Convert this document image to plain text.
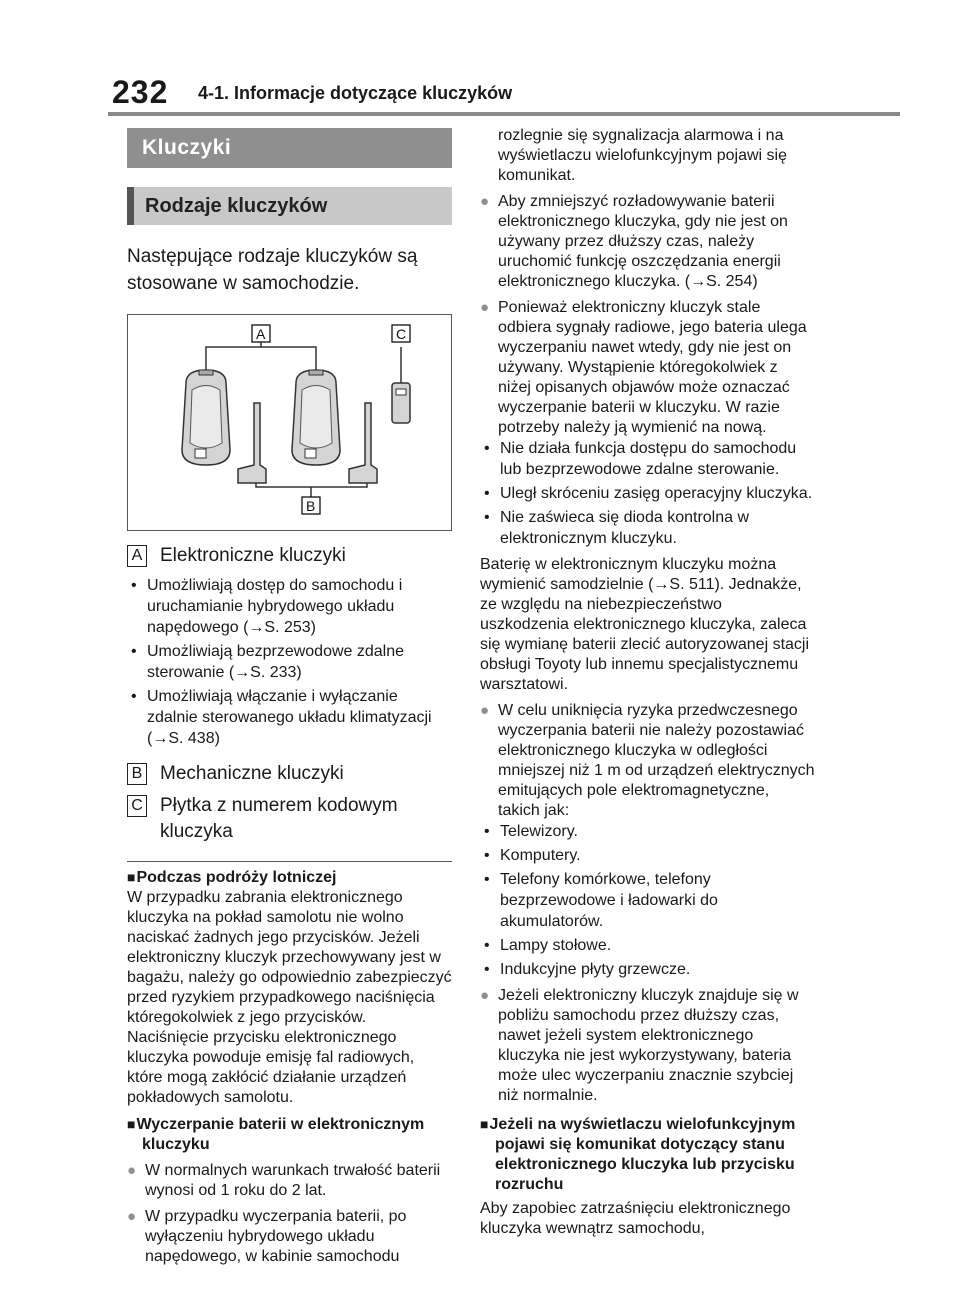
232 4-1. Informacje dotyczące kluczyków
Kluczyki
Rodzaje kluczyków
Następujące rodzaje kluczyków są stosowane w samochodzie.
A	C
B
A Elektroniczne kluczyki
• Umożliwiają dostęp do samochodu i uruchamianie hybrydowego układu napędowego (→S. 253)
• Umożliwiają bezprzewodowe zdalne sterowanie (→S. 233)
• Umożliwiają włączanie i wyłączanie zdalnie sterowanego układu klimatyzacji (→S. 438)
B Mechaniczne kluczyki
C Płytka z numerem kodowym kluczyka
■ Podczas podróży lotniczej
W przypadku zabrania elektronicznego kluczyka na pokład samolotu nie wolno naciskać żadnych jego przycisków. Jeżeli elektroniczny kluczyk przechowywany jest w bagażu, należy go odpowiednio zabezpieczyć przed ryzykiem przypadkowego naciśnięcia któregokolwiek z jego przycisków. Naciśnięcie przycisku elektronicznego kluczyka powoduje emisję fal radiowych, które mogą zakłócić działanie urządzeń pokładowych samolotu.
■ Wyczerpanie baterii w elektronicznym kluczyku
● W normalnych warunkach trwałość baterii wynosi od 1 roku do 2 lat.
● W przypadku wyczerpania baterii, po wyłączeniu hybrydowego układu napędowego, w kabinie samochodu
rozlegnie się sygnalizacja alarmowa i na wyświetlaczu wielofunkcyjnym pojawi się komunikat.
● Aby zmniejszyć rozładowywanie baterii elektronicznego kluczyka, gdy nie jest on używany przez dłuższy czas, należy uruchomić funkcję oszczędzania energii elektronicznego kluczyka. (→S. 254)
● Ponieważ elektroniczny kluczyk stale odbiera sygnały radiowe, jego bateria ulega wyczerpaniu nawet wtedy, gdy nie jest on używany. Wystąpienie któregokolwiek z niżej opisanych objawów może oznaczać wyczerpanie baterii w kluczyku. W razie potrzeby należy ją wymienić na nową.
• Nie działa funkcja dostępu do samochodu lub bezprzewodowe zdalne sterowanie.
• Uległ skróceniu zasięg operacyjny kluczyka.
• Nie zaświeca się dioda kontrolna w elektronicznym kluczyku.
Baterię w elektronicznym kluczyku można wymienić samodzielnie (→S. 511). Jednakże, ze względu na niebezpieczeństwo uszkodzenia elektronicznego kluczyka, zaleca się wymianę baterii zlecić autoryzowanej stacji obsługi Toyoty lub innemu specjalistycznemu warsztatowi.
● W celu uniknięcia ryzyka przedwczesnego wyczerpania baterii nie należy pozostawiać elektronicznego kluczyka w odległości mniejszej niż 1 m od urządzeń elektrycznych emitujących pole elektromagnetyczne, takich jak:
• Telewizory.
• Komputery.
• Telefony komórkowe, telefony bezprzewodowe i ładowarki do akumulatorów.
• Lampy stołowe.
• Indukcyjne płyty grzewcze.
● Jeżeli elektroniczny kluczyk znajduje się w pobliżu samochodu przez dłuższy czas, nawet jeżeli system elektronicznego kluczyka nie jest wykorzystywany, bateria może ulec wyczerpaniu znacznie szybciej niż normalnie.
■ Jeżeli na wyświetlaczu wielofunkcyjnym pojawi się komunikat dotyczący stanu elektronicznego kluczyka lub przycisku rozruchu
Aby zapobiec zatrzaśnięciu elektronicznego kluczyka wewnątrz samochodu,
